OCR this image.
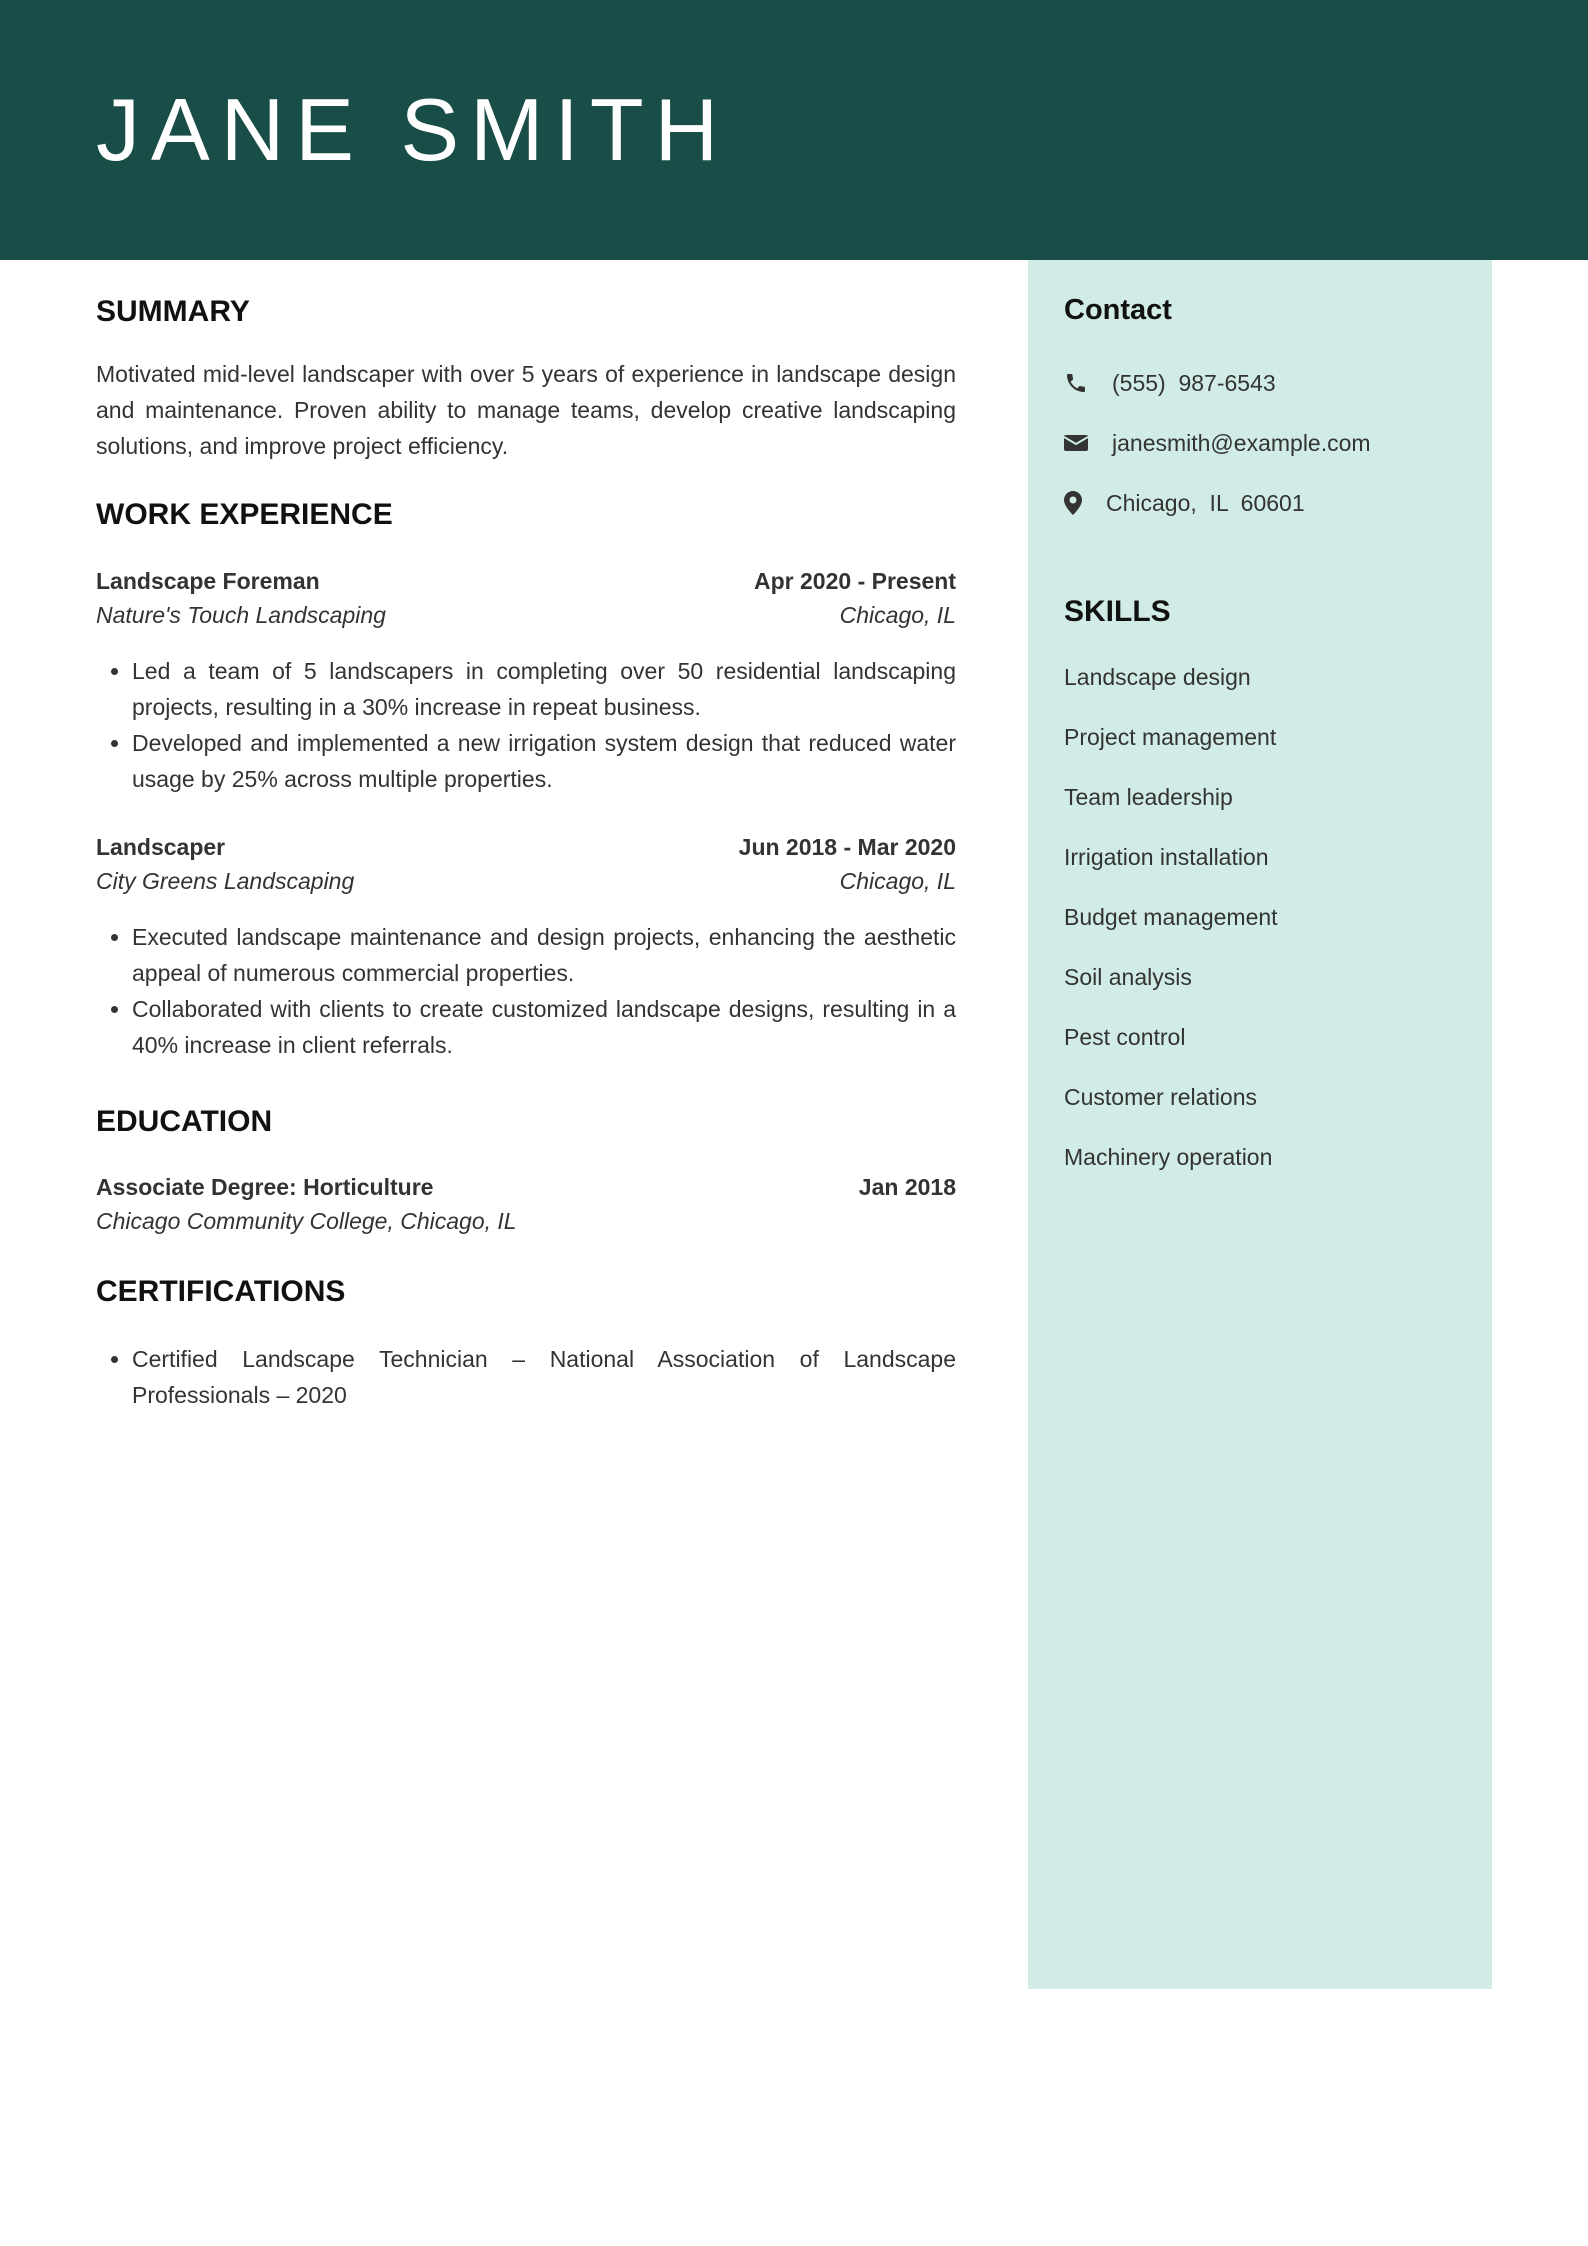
JANE SMITH
SUMMARY

Motivated mid-level landscaper with over 5 years of experience in landscape design and maintenance. Proven ability to manage teams, develop creative landscaping solutions, and improve project efficiency.

WORK EXPERIENCE
Landscape Foreman	Apr 2020 - Present
Nature's Touch Landscaping	Chicago, IL
• Led a team of 5 landscapers in completing over 50 residential landscaping projects, resulting in a 30% increase in repeat business.
• Developed and implemented a new irrigation system design that reduced water usage by 25% across multiple properties.
Landscaper	Jun 2018 - Mar 2020
City Greens Landscaping	Chicago, IL
• Executed landscape maintenance and design projects, enhancing the aesthetic appeal of numerous commercial properties.
• Collaborated with clients to create customized landscape designs, resulting in a 40% increase in client referrals.
EDUCATION
Associate Degree: Horticulture	Jan 2018
Chicago Community College, Chicago, IL
CERTIFICATIONS
• Certified Landscape Technician – National Association of Landscape Professionals – 2020
Contact
(555)  987-6543
janesmith@example.com
Chicago,  IL  60601
SKILLS
Landscape design
Project management
Team leadership
Irrigation installation
Budget management
Soil analysis
Pest control
Customer relations
Machinery operation
